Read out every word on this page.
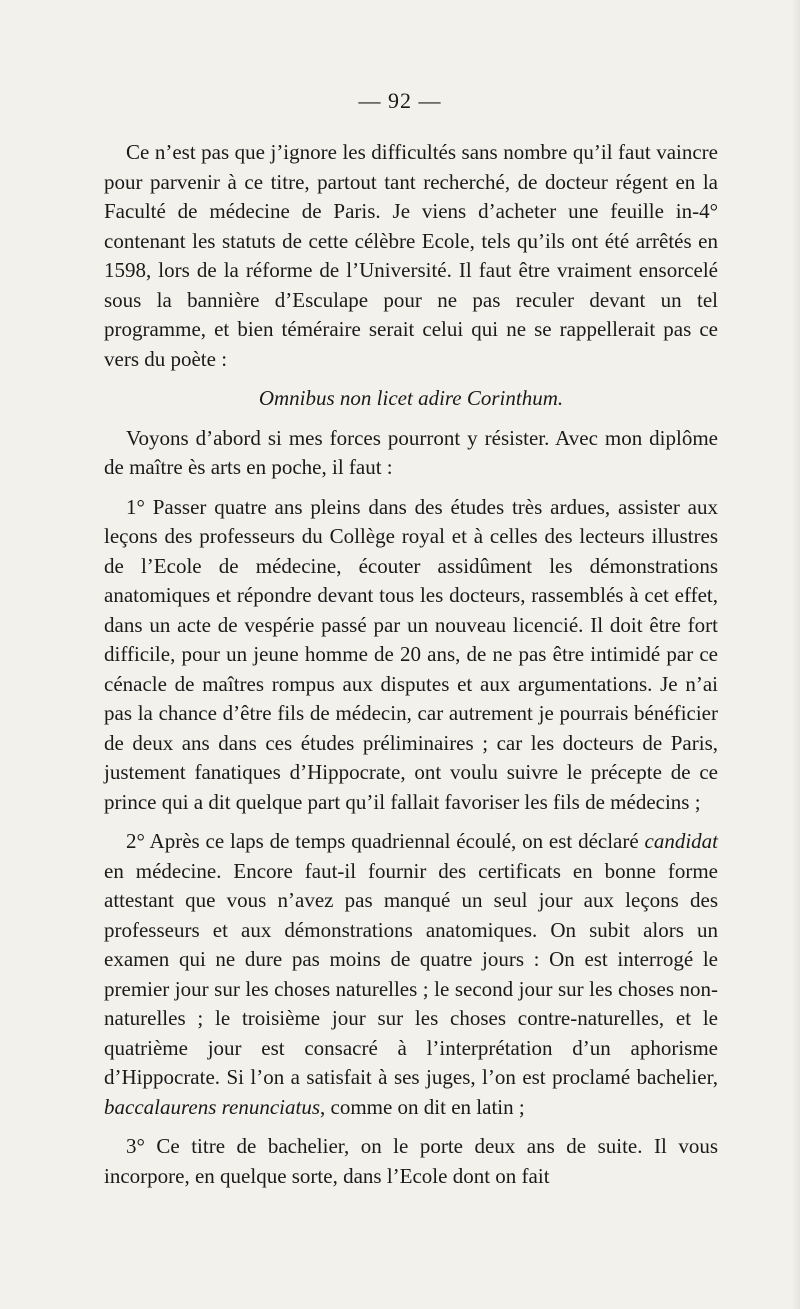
— 92 —

Ce n’est pas que j’ignore les difficultés sans nombre qu’il faut vaincre pour parvenir à ce titre, partout tant recherché, de docteur régent en la Faculté de médecine de Paris. Je viens d’acheter une feuille in-4° contenant les statuts de cette célèbre Ecole, tels qu’ils ont été arrêtés en 1598, lors de la réforme de l’Université. Il faut être vraiment ensorcelé sous la bannière d’Esculape pour ne pas reculer devant un tel programme, et bien téméraire serait celui qui ne se rappellerait pas ce vers du poète :

Omnibus non licet adire Corinthum.

Voyons d’abord si mes forces pourront y résister. Avec mon diplôme de maître ès arts en poche, il faut :

1° Passer quatre ans pleins dans des études très ardues, assister aux leçons des professeurs du Collège royal et à celles des lecteurs illustres de l’Ecole de médecine, écouter assidûment les démonstrations anatomiques et répondre devant tous les docteurs, rassemblés à cet effet, dans un acte de vespérie passé par un nouveau licencié. Il doit être fort difficile, pour un jeune homme de 20 ans, de ne pas être intimidé par ce cénacle de maîtres rompus aux disputes et aux argumentations. Je n’ai pas la chance d’être fils de médecin, car autrement je pourrais bénéficier de deux ans dans ces études préliminaires ; car les docteurs de Paris, justement fanatiques d’Hippocrate, ont voulu suivre le précepte de ce prince qui a dit quelque part qu’il fallait favoriser les fils de médecins ;

2° Après ce laps de temps quadriennal écoulé, on est déclaré candidat en médecine. Encore faut-il fournir des certificats en bonne forme attestant que vous n’avez pas manqué un seul jour aux leçons des professeurs et aux démonstrations anatomiques. On subit alors un examen qui ne dure pas moins de quatre jours : On est interrogé le premier jour sur les choses naturelles ; le second jour sur les choses non-naturelles ; le troisième jour sur les choses contre-naturelles, et le quatrième jour est consacré à l’interprétation d’un aphorisme d’Hippocrate. Si l’on a satisfait à ses juges, l’on est proclamé bachelier, baccalaurens renunciatus, comme on dit en latin ;

3° Ce titre de bachelier, on le porte deux ans de suite. Il vous incorpore, en quelque sorte, dans l’Ecole dont on fait
